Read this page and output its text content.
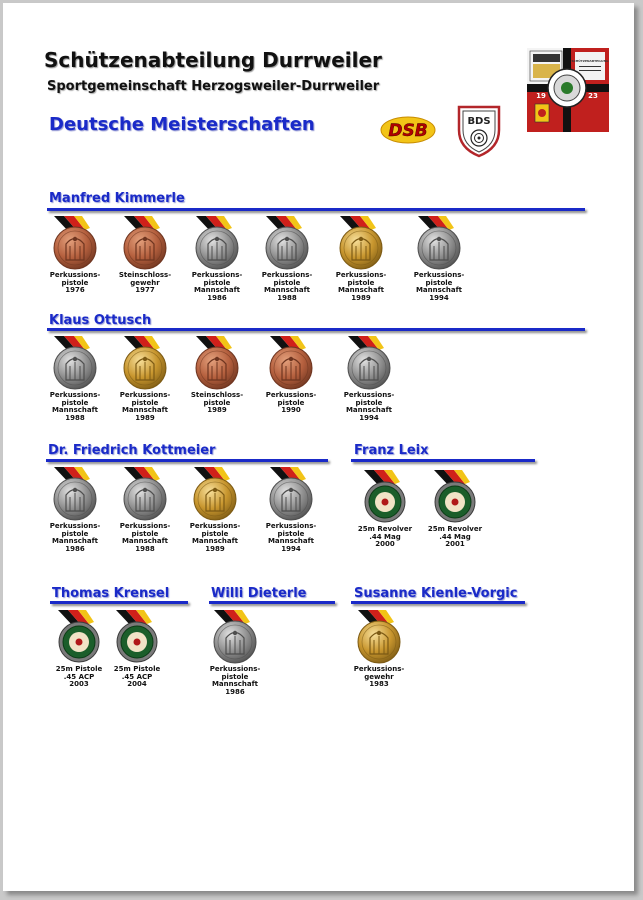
Schützenabteilung Durrweiler
Sportgemeinschaft Herzogsweiler-Durrweiler
Deutsche Meisterschaften	DSB	BDS
SCHÜTZENABTEILUNG
19	23
Manfred Kimmerle
Klaus Ottusch
Dr. Friedrich Kottmeier	Franz Leix
Thomas Krensel	Willi Dieterle	Susanne Kienle-Vorgic
Perkussions-
pistole
1976
Steinschloss-
gewehr
1977
Perkussions-
pistole
Mannschaft
1986
Perkussions-
pistole
Mannschaft
1988
Perkussions-
pistole
Mannschaft
1989
Perkussions-
pistole
Mannschaft
1994
Perkussions-
pistole
Mannschaft
1988
Perkussions-
pistole
Mannschaft
1989
Steinschloss-
pistole
1989
Perkussions-
pistole
1990
Perkussions-
pistole
Mannschaft
1994
Perkussions-
pistole
Mannschaft
1986
Perkussions-
pistole
Mannschaft
1988
Perkussions-
pistole
Mannschaft
1989
Perkussions-
pistole
Mannschaft
1994
25m Revolver
.44 Mag
2000
25m Revolver
.44 Mag
2001
25m Pistole
.45 ACP
2003
25m Pistole
.45 ACP
2004
Perkussions-
pistole
Mannschaft
1986
Perkussions-
gewehr
1983
